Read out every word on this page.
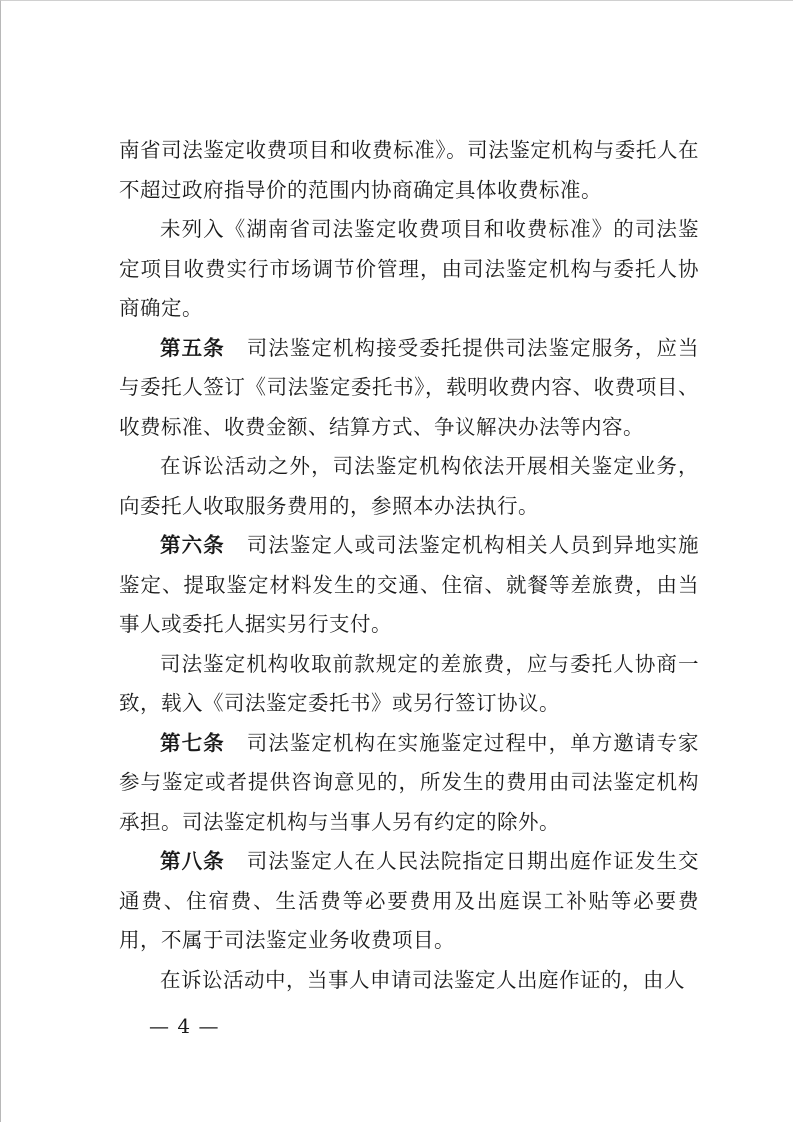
南省司法鉴定收费项目和收费标准》。司法鉴定机构与委托人在不超过政府指导价的范围内协商确定具体收费标准。

未列入《湖南省司法鉴定收费项目和收费标准》的司法鉴定项目收费实行市场调节价管理，由司法鉴定机构与委托人协商确定。

第五条 司法鉴定机构接受委托提供司法鉴定服务，应当与委托人签订《司法鉴定委托书》，载明收费内容、收费项目、收费标准、收费金额、结算方式、争议解决办法等内容。

在诉讼活动之外，司法鉴定机构依法开展相关鉴定业务，向委托人收取服务费用的，参照本办法执行。

第六条 司法鉴定人或司法鉴定机构相关人员到异地实施鉴定、提取鉴定材料发生的交通、住宿、就餐等差旅费，由当事人或委托人据实另行支付。

司法鉴定机构收取前款规定的差旅费，应与委托人协商一致，载入《司法鉴定委托书》或另行签订协议。

第七条 司法鉴定机构在实施鉴定过程中，单方邀请专家参与鉴定或者提供咨询意见的，所发生的费用由司法鉴定机构承担。司法鉴定机构与当事人另有约定的除外。

第八条 司法鉴定人在人民法院指定日期出庭作证发生交通费、住宿费、生活费等必要费用及出庭误工补贴等必要费用，不属于司法鉴定业务收费项目。

在诉讼活动中，当事人申请司法鉴定人出庭作证的，由人

— 4 —
